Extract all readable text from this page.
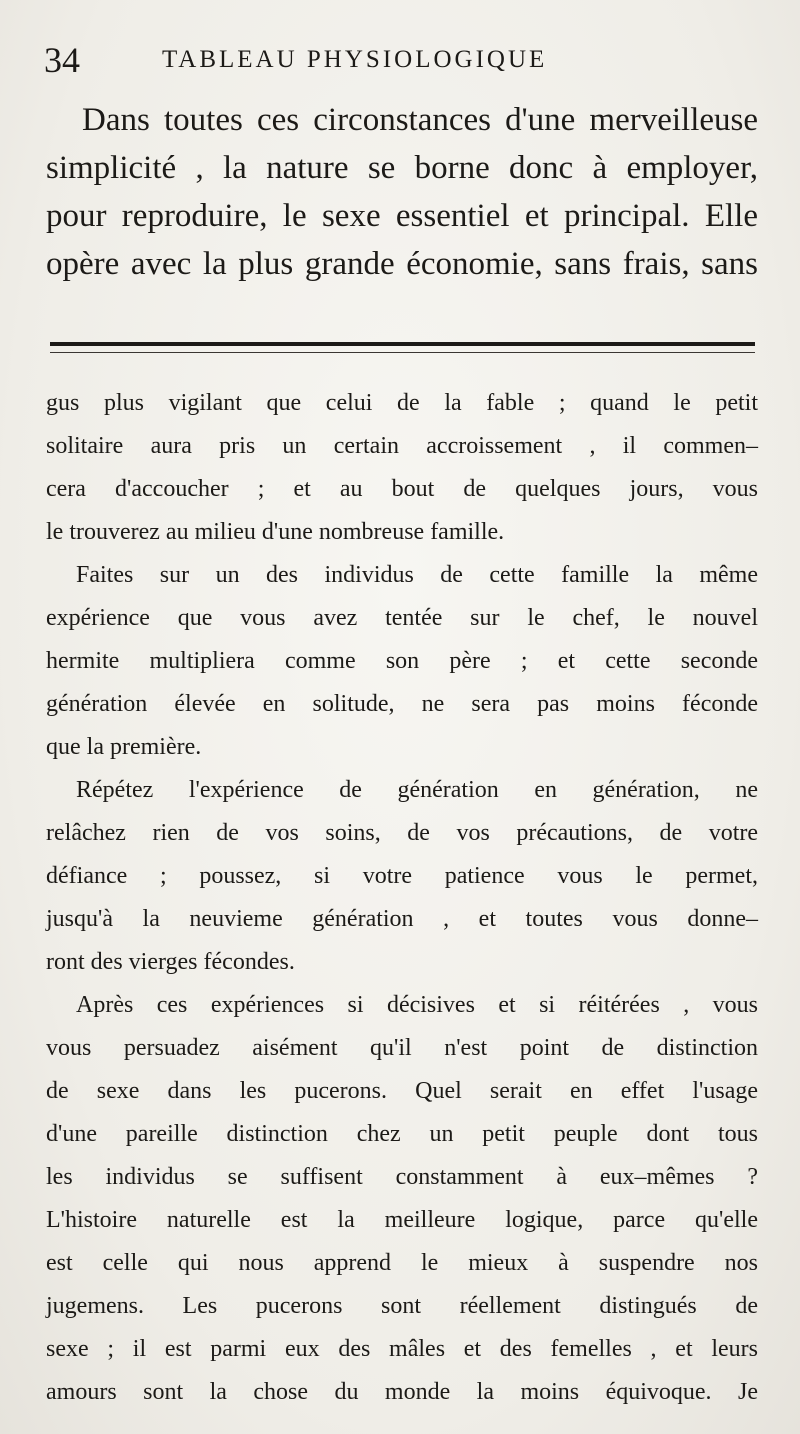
34	TABLEAU PHYSIOLOGIQUE
Dans toutes ces circonstances d'une merveilleuse
simplicité , la nature se borne donc à employer,
pour reproduire, le sexe essentiel et principal. Elle
opère avec la plus grande économie, sans frais, sans
gus plus vigilant que celui de la fable ; quand le petit
solitaire aura pris un certain accroissement , il commen–
cera d'accoucher ; et au bout de quelques jours, vous
le trouverez au milieu d'une nombreuse famille.
Faites sur un des individus de cette famille la même
expérience que vous avez tentée sur le chef, le nouvel
hermite multipliera comme son père ; et cette seconde
génération élevée en solitude, ne sera pas moins féconde
que la première.
Répétez l'expérience de génération en génération, ne
relâchez rien de vos soins, de vos précautions, de votre
défiance ; poussez, si votre patience vous le permet,
jusqu'à la neuvieme génération , et toutes vous donne–
ront des vierges fécondes.
Après ces expériences si décisives et si réitérées , vous
vous persuadez aisément qu'il n'est point de distinction
de sexe dans les pucerons. Quel serait en effet l'usage
d'une pareille distinction chez un petit peuple dont tous
les individus se suffisent constamment à eux–mêmes ?
L'histoire naturelle est la meilleure logique, parce qu'elle
est celle qui nous apprend le mieux à suspendre nos
jugemens. Les pucerons sont réellement distingués de
sexe ; il est parmi eux des mâles et des femelles , et leurs
amours sont la chose du monde la moins équivoque. Je
